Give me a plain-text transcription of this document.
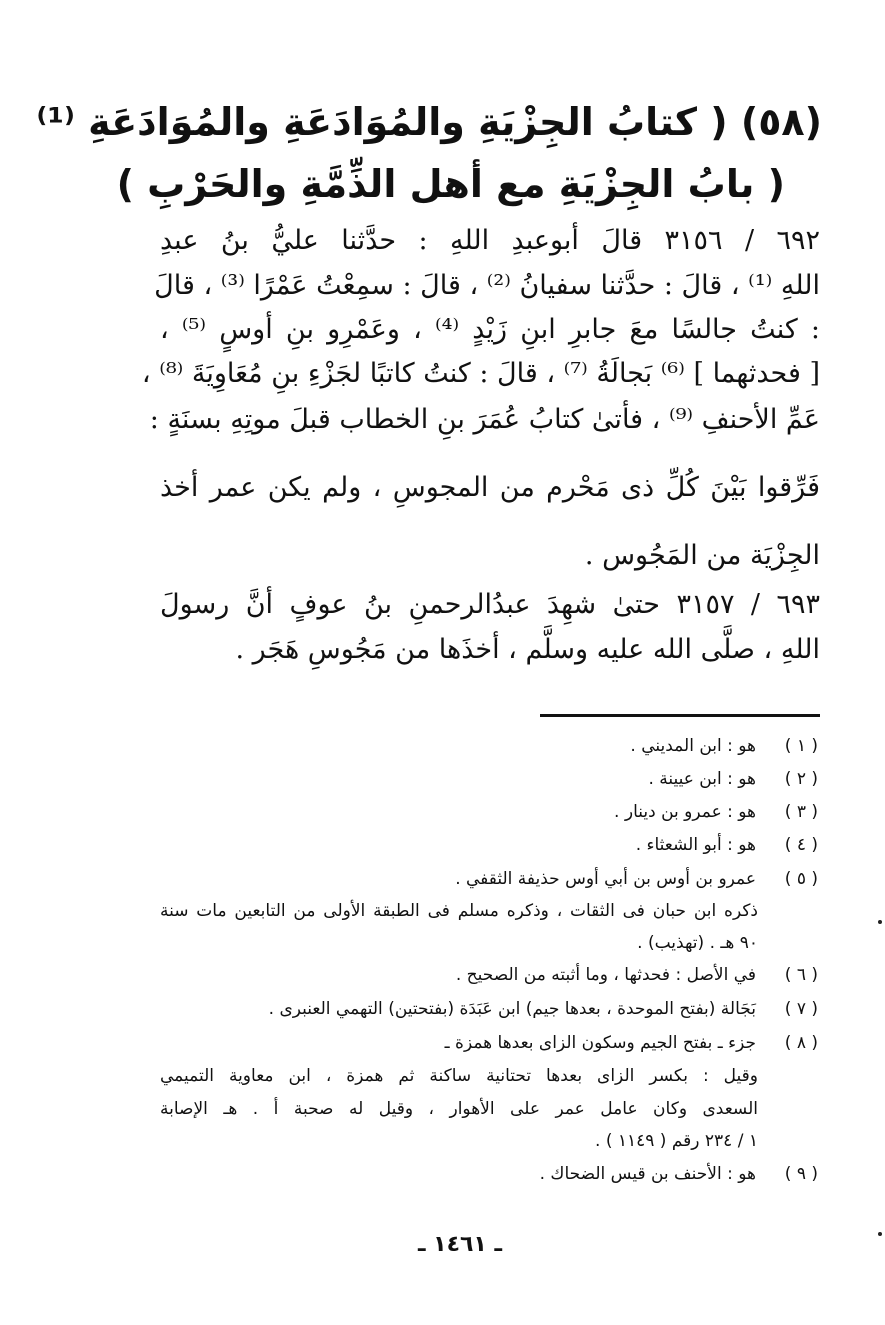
(٥٨) ( كتابُ الجِزْيَةِ والمُوَادَعَةِ والمُوَادَعَةِ ⁽¹⁾
( بابُ الجِزْيَةِ مع أهل الذِّمَّةِ والحَرْبِ )
٦٩٢ / ٣١٥٦ قالَ أبوعبدِ اللهِ : حدَّثنا عليُّ بنُ عبدِ
اللهِ ⁽¹⁾ ، قالَ : حدَّثنا سفيانُ ⁽²⁾ ، قالَ : سمِعْتُ عَمْرًا ⁽³⁾ ، قالَ
: كنتُ جالسًا معَ جابرِ ابنِ زَيْدٍ ⁽⁴⁾ ، وعَمْرِو بنِ أوسٍ ⁽⁵⁾ ،
[ فحدثهما ] ⁽⁶⁾ بَجالَةُ ⁽⁷⁾ ، قالَ : كنتُ كاتبًا لجَزْءِ بنِ مُعَاوِيَةَ ⁽⁸⁾ ،
عَمِّ الأحنفِ ⁽⁹⁾ ، فأتىٰ كتابُ عُمَرَ بنِ الخطاب قبلَ موتِهِ بسنَةٍ :
فَرِّقوا بَيْنَ كُلِّ ذى مَحْرم من المجوسِ ، ولم يكن عمر أخذ
الجِزْيَة من المَجُوس .
٦٩٣ / ٣١٥٧ حتىٰ شهِدَ عبدُالرحمنِ بنُ عوفٍ أنَّ رسولَ
اللهِ ، صلَّى الله عليه وسلَّم ، أخذَها من مَجُوسِ هَجَر .
( ١ )
هو : ابن المديني .
( ٢ )
هو : ابن عيينة .
( ٣ )
هو : عمرو بن دينار .
( ٤ )
هو : أبو الشعثاء .
( ٥ )
عمرو بن أوس بن أبي أوس حذيفة الثقفي .
ذكره ابن حبان فى الثقات ، وذكره مسلم فى الطبقة الأولى من التابعين مات سنة
٩٠ هـ . (تهذيب) .
( ٦ )
في الأصل : فحدثها ، وما أثبته من الصحيح .
( ٧ )
بَجَالة (بفتح الموحدة ، بعدها جيم) ابن عَبَدَة (بفتحتين) التهمي العنبرى .
( ٨ )
جزء ـ بفتح الجيم وسكون الزاى بعدها همزة ـ
وقيل : بكسر الزاى بعدها تحتانية ساكنة ثم همزة ، ابن معاوية التميمي
السعدى وكان عامل عمر على الأهوار ، وقيل له صحبة أ . هـ الإصابة
١ / ٢٣٤ رقم ( ١١٤٩ ) .
( ٩ )
هو : الأحنف بن قيس الضحاك .
ـ ١٤٦١ ـ
